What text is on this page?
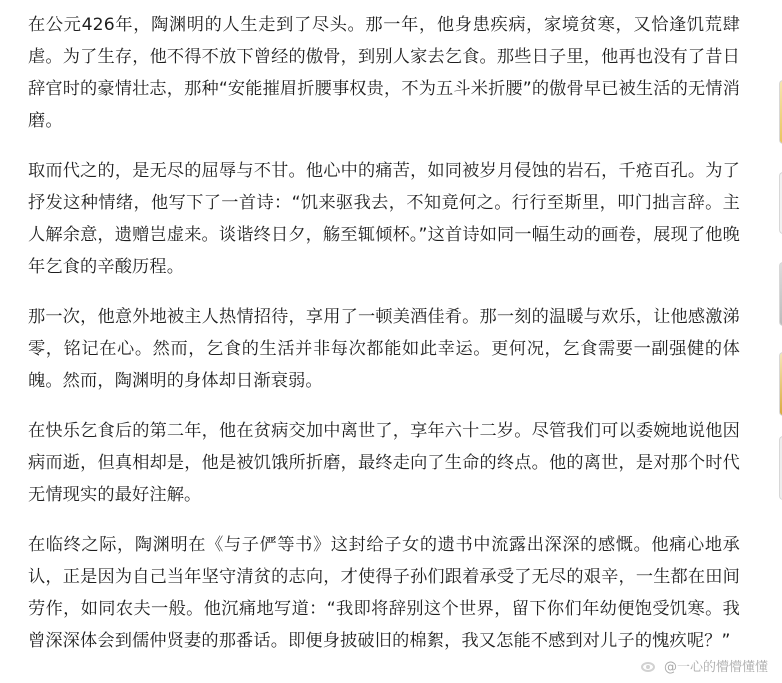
在公元426年，陶渊明的人生走到了尽头。那一年，他身患疾病，家境贫寒，又恰逢饥荒肆虐。为了生存，他不得不放下曾经的傲骨，到别人家去乞食。那些日子里，他再也没有了昔日辞官时的豪情壮志，那种“安能摧眉折腰事权贵，不为五斗米折腰”的傲骨早已被生活的无情消磨。

取而代之的，是无尽的屈辱与不甘。他心中的痛苦，如同被岁月侵蚀的岩石，千疮百孔。为了抒发这种情绪，他写下了一首诗：“饥来驱我去，不知竟何之。行行至斯里，叩门拙言辞。主人解余意，遗赠岂虚来。谈谐终日夕，觞至辄倾杯。”这首诗如同一幅生动的画卷，展现了他晚年乞食的辛酸历程。

那一次，他意外地被主人热情招待，享用了一顿美酒佳肴。那一刻的温暖与欢乐，让他感激涕零，铭记在心。然而，乞食的生活并非每次都能如此幸运。更何况，乞食需要一副强健的体魄。然而，陶渊明的身体却日渐衰弱。

在快乐乞食后的第二年，他在贫病交加中离世了，享年六十二岁。尽管我们可以委婉地说他因病而逝，但真相却是，他是被饥饿所折磨，最终走向了生命的终点。他的离世，是对那个时代无情现实的最好注解。

在临终之际，陶渊明在《与子俨等书》这封给子女的遗书中流露出深深的感慨。他痛心地承认，正是因为自己当年坚守清贫的志向，才使得子孙们跟着承受了无尽的艰辛，一生都在田间劳作，如同农夫一般。他沉痛地写道：“我即将辞别这个世界，留下你们年幼便饱受饥寒。我曾深深体会到儒仲贤妻的那番话。即便身披破旧的棉絮，我又怎能不感到对儿子的愧疚呢？”

@一心的懵懵懂懂
